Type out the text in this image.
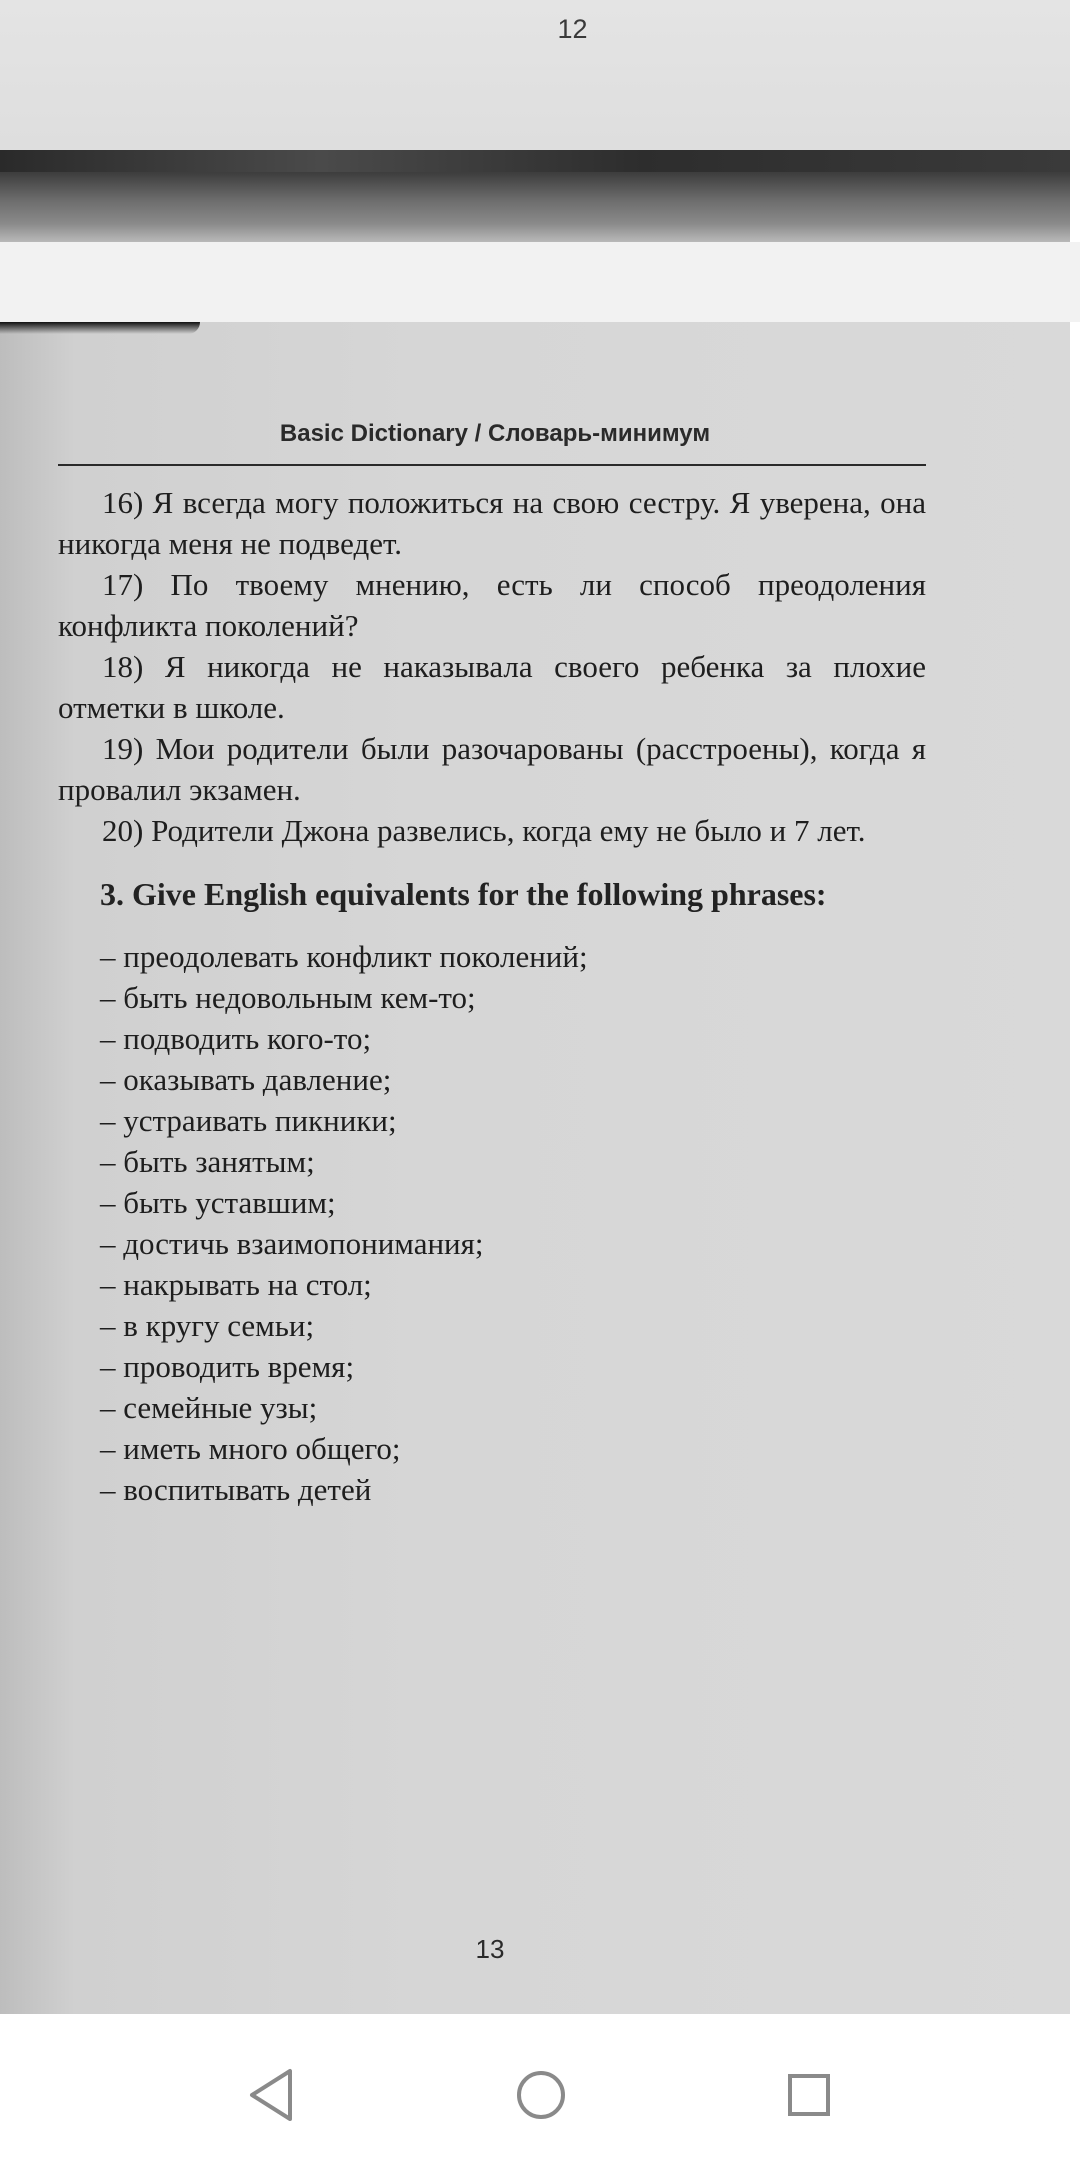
12
Basic Dictionary / Словарь-минимум

16) Я всегда могу положиться на свою сестру. Я уверена, она никогда меня не подведет.

17) По твоему мнению, есть ли способ преодоления конфликта поколений?

18) Я никогда не наказывала своего ребенка за плохие отметки в школе.

19) Мои родители были разочарованы (расстроены), когда я провалил экзамен.

20) Родители Джона развелись, когда ему не было и 7 лет.

3. Give English equivalents for the following phrases:
– преодолевать конфликт поколений;
– быть недовольным кем-то;
– подводить кого-то;
– оказывать давление;
– устраивать пикники;
– быть занятым;
– быть уставшим;
– достичь взаимопонимания;
– накрывать на стол;
– в кругу семьи;
– проводить время;
– семейные узы;
– иметь много общего;
– воспитывать детей
13
